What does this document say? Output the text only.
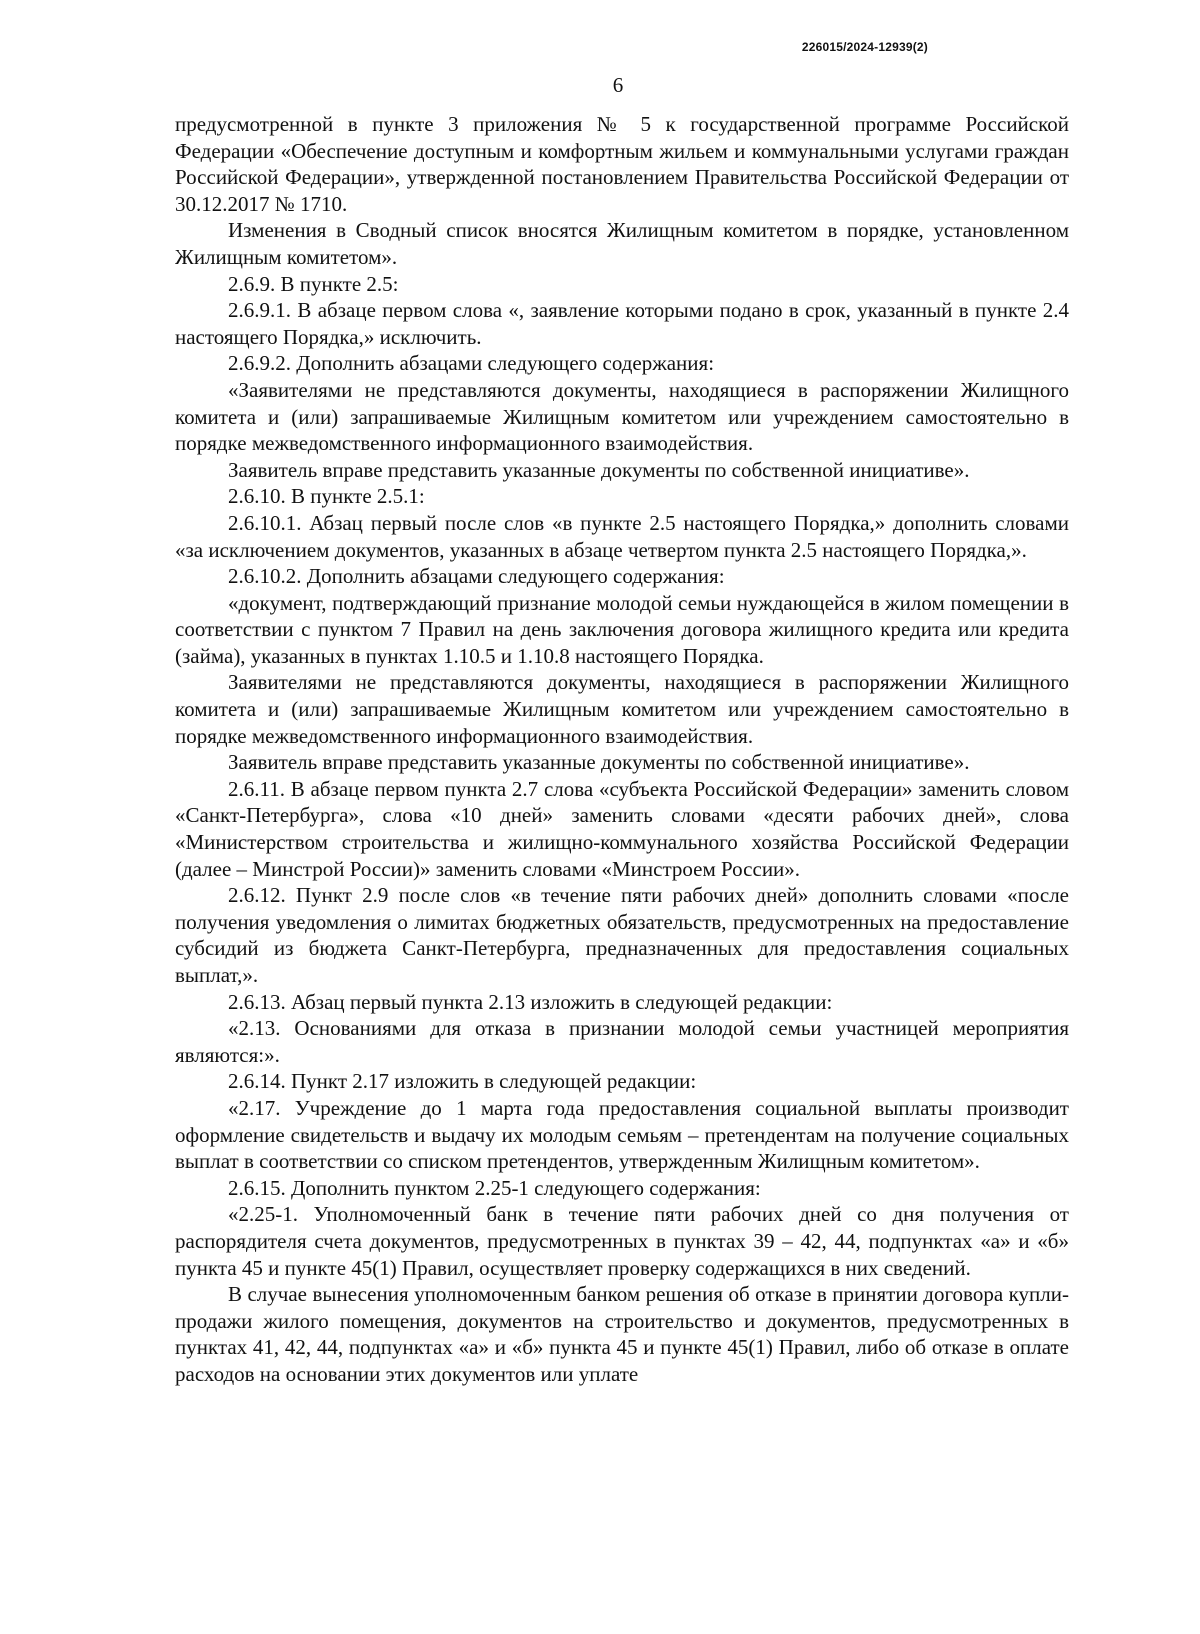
226015/2024-12939(2)
6

предусмотренной в пункте 3 приложения № 5 к государственной программе Российской Федерации «Обеспечение доступным и комфортным жильем и коммунальными услугами граждан Российской Федерации», утвержденной постановлением Правительства Российской Федерации от 30.12.2017 № 1710.

Изменения в Сводный список вносятся Жилищным комитетом в порядке, установленном Жилищным комитетом».

2.6.9. В пункте 2.5:

2.6.9.1. В абзаце первом слова «, заявление которыми подано в срок, указанный в пункте 2.4 настоящего Порядка,» исключить.

2.6.9.2. Дополнить абзацами следующего содержания:

«Заявителями не представляются документы, находящиеся в распоряжении Жилищного комитета и (или) запрашиваемые Жилищным комитетом или учреждением самостоятельно в порядке межведомственного информационного взаимодействия.

Заявитель вправе представить указанные документы по собственной инициативе».

2.6.10. В пункте 2.5.1:

2.6.10.1. Абзац первый после слов «в пункте 2.5 настоящего Порядка,» дополнить словами «за исключением документов, указанных в абзаце четвертом пункта 2.5 настоящего Порядка,».

2.6.10.2. Дополнить абзацами следующего содержания:

«документ, подтверждающий признание молодой семьи нуждающейся в жилом помещении в соответствии с пунктом 7 Правил на день заключения договора жилищного кредита или кредита (займа), указанных в пунктах 1.10.5 и 1.10.8 настоящего Порядка.

Заявителями не представляются документы, находящиеся в распоряжении Жилищного комитета и (или) запрашиваемые Жилищным комитетом или учреждением самостоятельно в порядке межведомственного информационного взаимодействия.

Заявитель вправе представить указанные документы по собственной инициативе».

2.6.11. В абзаце первом пункта 2.7 слова «субъекта Российской Федерации» заменить словом «Санкт-Петербурга», слова «10 дней» заменить словами «десяти рабочих дней», слова «Министерством строительства и жилищно-коммунального хозяйства Российской Федерации (далее – Минстрой России)» заменить словами «Минстроем России».

2.6.12. Пункт 2.9 после слов «в течение пяти рабочих дней» дополнить словами «после получения уведомления о лимитах бюджетных обязательств, предусмотренных на предоставление субсидий из бюджета Санкт-Петербурга, предназначенных для предоставления социальных выплат,».

2.6.13. Абзац первый пункта 2.13 изложить в следующей редакции:

«2.13. Основаниями для отказа в признании молодой семьи участницей мероприятия являются:».

2.6.14. Пункт 2.17 изложить в следующей редакции:

«2.17. Учреждение до 1 марта года предоставления социальной выплаты производит оформление свидетельств и выдачу их молодым семьям – претендентам на получение социальных выплат в соответствии со списком претендентов, утвержденным Жилищным комитетом».

2.6.15. Дополнить пунктом 2.25-1 следующего содержания:

«2.25-1. Уполномоченный банк в течение пяти рабочих дней со дня получения от распорядителя счета документов, предусмотренных в пунктах 39 – 42, 44, подпунктах «а» и «б» пункта 45 и пункте 45(1) Правил, осуществляет проверку содержащихся в них сведений.

В случае вынесения уполномоченным банком решения об отказе в принятии договора купли-продажи жилого помещения, документов на строительство и документов, предусмотренных в пунктах 41, 42, 44, подпунктах «а» и «б» пункта 45 и пункте 45(1) Правил, либо об отказе в оплате расходов на основании этих документов или уплате
